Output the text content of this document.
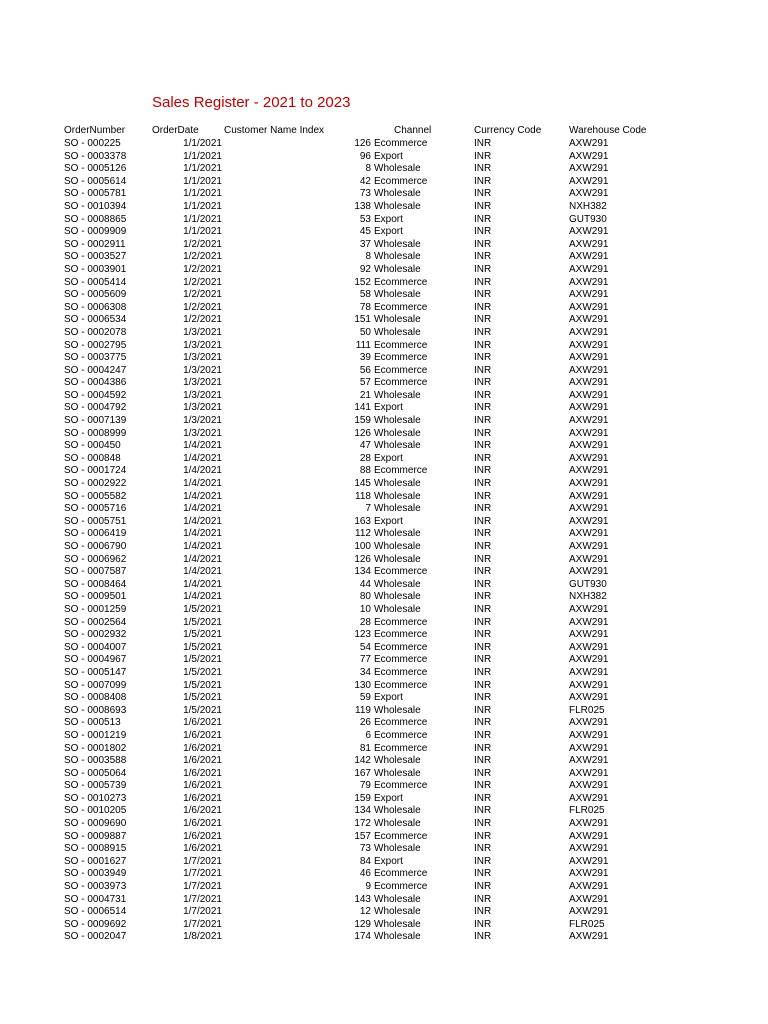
Sales Register - 2021 to 2023
OrderNumber	OrderDate	Customer Name Index	Channel	Currency Code	Warehouse Code
SO - 000225	1/1/2021	126	Ecommerce	INR	AXW291
SO - 0003378	1/1/2021	96	Export	INR	AXW291
SO - 0005126	1/1/2021	8	Wholesale	INR	AXW291
SO - 0005614	1/1/2021	42	Ecommerce	INR	AXW291
SO - 0005781	1/1/2021	73	Wholesale	INR	AXW291
SO - 0010394	1/1/2021	138	Wholesale	INR	NXH382
SO - 0008865	1/1/2021	53	Export	INR	GUT930
SO - 0009909	1/1/2021	45	Export	INR	AXW291
SO - 0002911	1/2/2021	37	Wholesale	INR	AXW291
SO - 0003527	1/2/2021	8	Wholesale	INR	AXW291
SO - 0003901	1/2/2021	92	Wholesale	INR	AXW291
SO - 0005414	1/2/2021	152	Ecommerce	INR	AXW291
SO - 0005609	1/2/2021	58	Wholesale	INR	AXW291
SO - 0006308	1/2/2021	78	Ecommerce	INR	AXW291
SO - 0006534	1/2/2021	151	Wholesale	INR	AXW291
SO - 0002078	1/3/2021	50	Wholesale	INR	AXW291
SO - 0002795	1/3/2021	111	Ecommerce	INR	AXW291
SO - 0003775	1/3/2021	39	Ecommerce	INR	AXW291
SO - 0004247	1/3/2021	56	Ecommerce	INR	AXW291
SO - 0004386	1/3/2021	57	Ecommerce	INR	AXW291
SO - 0004592	1/3/2021	21	Wholesale	INR	AXW291
SO - 0004792	1/3/2021	141	Export	INR	AXW291
SO - 0007139	1/3/2021	159	Wholesale	INR	AXW291
SO - 0008999	1/3/2021	126	Wholesale	INR	AXW291
SO - 000450	1/4/2021	47	Wholesale	INR	AXW291
SO - 000848	1/4/2021	28	Export	INR	AXW291
SO - 0001724	1/4/2021	88	Ecommerce	INR	AXW291
SO - 0002922	1/4/2021	145	Wholesale	INR	AXW291
SO - 0005582	1/4/2021	118	Wholesale	INR	AXW291
SO - 0005716	1/4/2021	7	Wholesale	INR	AXW291
SO - 0005751	1/4/2021	163	Export	INR	AXW291
SO - 0006419	1/4/2021	112	Wholesale	INR	AXW291
SO - 0006790	1/4/2021	100	Wholesale	INR	AXW291
SO - 0006962	1/4/2021	126	Wholesale	INR	AXW291
SO - 0007587	1/4/2021	134	Ecommerce	INR	AXW291
SO - 0008464	1/4/2021	44	Wholesale	INR	GUT930
SO - 0009501	1/4/2021	80	Wholesale	INR	NXH382
SO - 0001259	1/5/2021	10	Wholesale	INR	AXW291
SO - 0002564	1/5/2021	28	Ecommerce	INR	AXW291
SO - 0002932	1/5/2021	123	Ecommerce	INR	AXW291
SO - 0004007	1/5/2021	54	Ecommerce	INR	AXW291
SO - 0004967	1/5/2021	77	Ecommerce	INR	AXW291
SO - 0005147	1/5/2021	34	Ecommerce	INR	AXW291
SO - 0007099	1/5/2021	130	Ecommerce	INR	AXW291
SO - 0008408	1/5/2021	59	Export	INR	AXW291
SO - 0008693	1/5/2021	119	Wholesale	INR	FLR025
SO - 000513	1/6/2021	26	Ecommerce	INR	AXW291
SO - 0001219	1/6/2021	6	Ecommerce	INR	AXW291
SO - 0001802	1/6/2021	81	Ecommerce	INR	AXW291
SO - 0003588	1/6/2021	142	Wholesale	INR	AXW291
SO - 0005064	1/6/2021	167	Wholesale	INR	AXW291
SO - 0005739	1/6/2021	79	Ecommerce	INR	AXW291
SO - 0010273	1/6/2021	159	Export	INR	AXW291
SO - 0010205	1/6/2021	134	Wholesale	INR	FLR025
SO - 0009690	1/6/2021	172	Wholesale	INR	AXW291
SO - 0009887	1/6/2021	157	Ecommerce	INR	AXW291
SO - 0008915	1/6/2021	73	Wholesale	INR	AXW291
SO - 0001627	1/7/2021	84	Export	INR	AXW291
SO - 0003949	1/7/2021	46	Ecommerce	INR	AXW291
SO - 0003973	1/7/2021	9	Ecommerce	INR	AXW291
SO - 0004731	1/7/2021	143	Wholesale	INR	AXW291
SO - 0006514	1/7/2021	12	Wholesale	INR	AXW291
SO - 0009692	1/7/2021	129	Wholesale	INR	FLR025
SO - 0002047	1/8/2021	174	Wholesale	INR	AXW291
